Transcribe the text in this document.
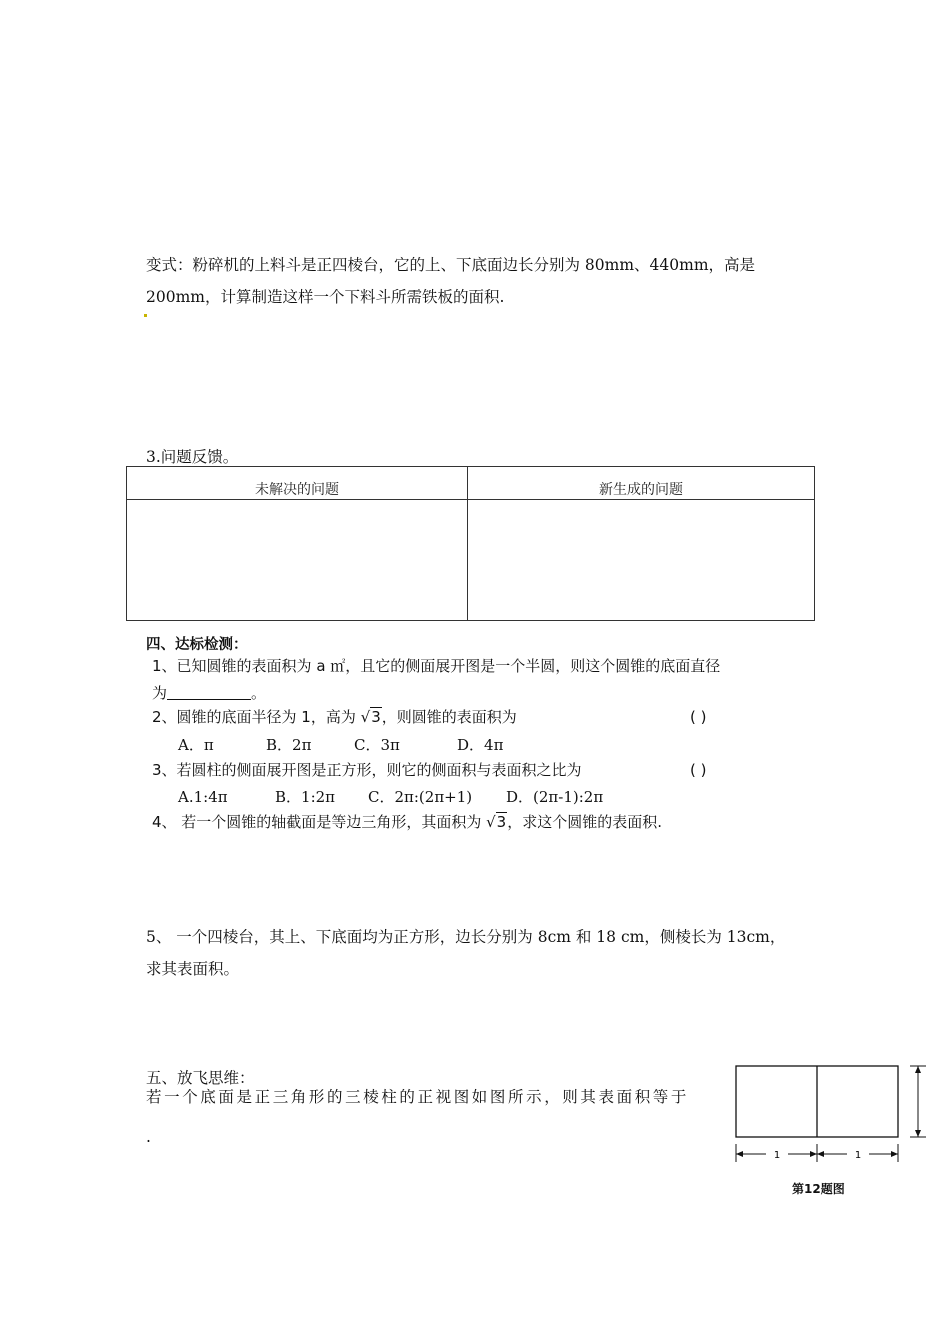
变式：粉碎机的上料斗是正四棱台，它的上、下底面边长分别为 80mm、440mm，高是
200mm，计算制造这样一个下料斗所需铁板的面积.
3.问题反馈。
未解决的问题	新生成的问题

四、达标检测：
1、已知圆锥的表面积为 a ㎡，且它的侧面展开图是一个半圆，则这个圆锥的底面直径
为	。
2、圆锥的底面半径为 1，高为 √3，则圆锥的表面积为	( )
A．π	B．2π	C．3π	D．4π
3、若圆柱的侧面展开图是正方形，则它的侧面积与表面积之比为	( )
A.1:4π	B．1:2π C．2π:(2π+1) D．(2π-1):2π
4、 若一个圆锥的轴截面是等边三角形，其面积为 √3，求这个圆锥的表面积.
5、 一个四棱台，其上、下底面均为正方形，边长分别为 8cm 和 18 cm，侧棱长为 13cm，
求其表面积。
五、放飞思维：
若一个底面是正三角形的三棱柱的正视图如图所示，则其表面积等于
.
1	1
第12题图
